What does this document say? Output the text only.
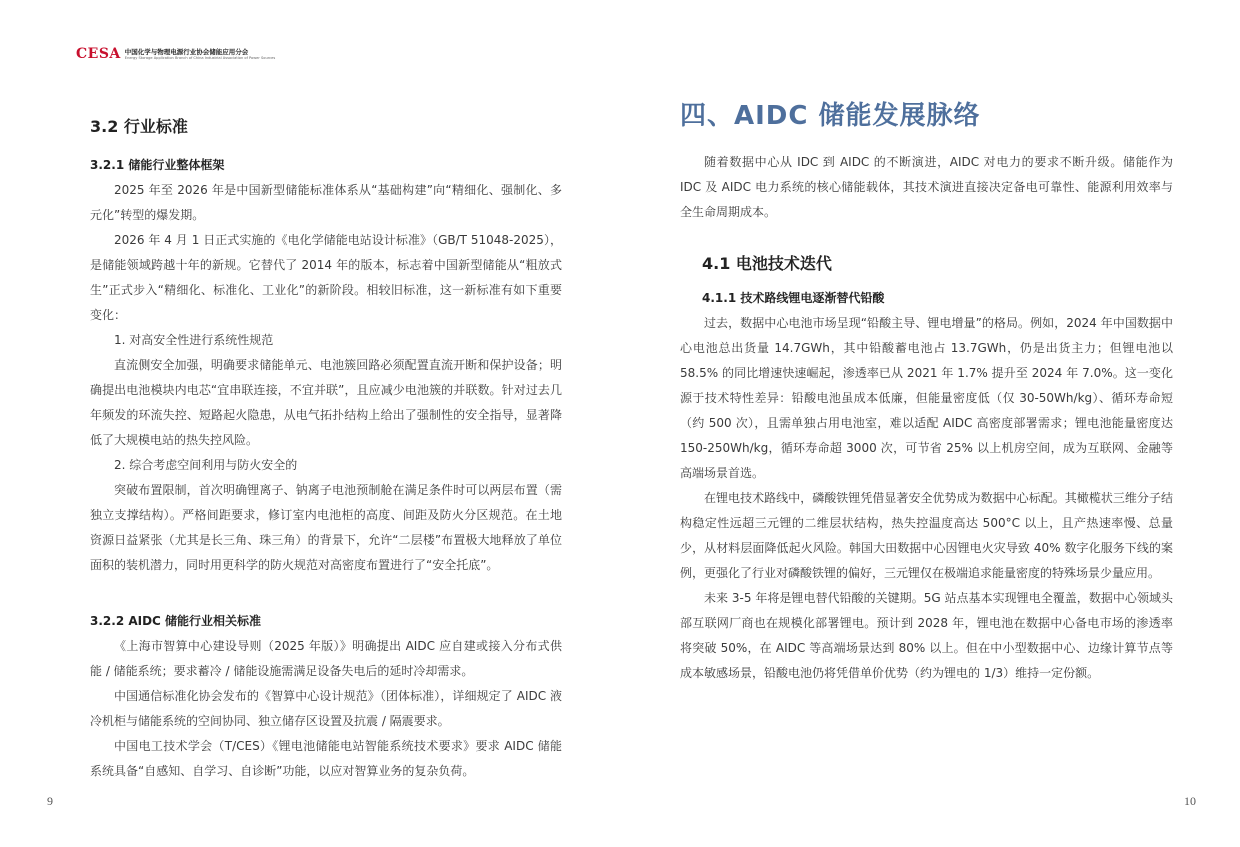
CESA 中国化学与物理电源行业协会储能应用分会
Energy Storage Application Branch of China Industrial Association of Power Sources
3.2 行业标准
3.2.1 储能行业整体框架

2025 年至 2026 年是中国新型储能标准体系从“基础构建”向“精细化、强制化、多元化”转型的爆发期。

2026 年 4 月 1 日正式实施的《电化学储能电站设计标准》（GB/T 51048-2025），是储能领域跨越十年的新规。它替代了 2014 年的版本，标志着中国新型储能从“粗放式生”正式步入“精细化、标准化、工业化”的新阶段。相较旧标准，这一新标准有如下重要变化：

1. 对高安全性进行系统性规范

直流侧安全加强，明确要求储能单元、电池簇回路必须配置直流开断和保护设备；明确提出电池模块内电芯“宜串联连接，不宜并联”，且应减少电池簇的并联数。针对过去几年频发的环流失控、短路起火隐患，从电气拓扑结构上给出了强制性的安全指导，显著降低了大规模电站的热失控风险。

2. 综合考虑空间利用与防火安全的

突破布置限制，首次明确锂离子、钠离子电池预制舱在满足条件时可以两层布置（需独立支撑结构）。严格间距要求，修订室内电池柜的高度、间距及防火分区规范。在土地资源日益紧张（尤其是长三角、珠三角）的背景下，允许“二层楼”布置极大地释放了单位面积的装机潜力，同时用更科学的防火规范对高密度布置进行了“安全托底”。

3.2.2 AIDC 储能行业相关标准

《上海市智算中心建设导则（2025 年版）》明确提出 AIDC 应自建或接入分布式供能 / 储能系统；要求蓄冷 / 储能设施需满足设备失电后的延时冷却需求。

中国通信标准化协会发布的《智算中心设计规范》（团体标准），详细规定了 AIDC 液冷机柜与储能系统的空间协同、独立储存区设置及抗震 / 隔震要求。

中国电工技术学会（T/CES）《锂电池储能电站智能系统技术要求》要求 AIDC 储能系统具备“自感知、自学习、自诊断”功能，以应对智算业务的复杂负荷。

9
四、AIDC 储能发展脉络

随着数据中心从 IDC 到 AIDC 的不断演进，AIDC 对电力的要求不断升级。储能作为 IDC 及 AIDC 电力系统的核心储能载体，其技术演进直接决定备电可靠性、能源利用效率与全生命周期成本。

4.1 电池技术迭代
4.1.1 技术路线锂电逐渐替代铅酸

过去，数据中心电池市场呈现“铅酸主导、锂电增量”的格局。例如，2024 年中国数据中心电池总出货量 14.7GWh，其中铅酸蓄电池占 13.7GWh，仍是出货主力；但锂电池以 58.5% 的同比增速快速崛起，渗透率已从 2021 年 1.7% 提升至 2024 年 7.0%。这一变化源于技术特性差异：铅酸电池虽成本低廉，但能量密度低（仅 30-50Wh/kg）、循环寿命短（约 500 次），且需单独占用电池室，难以适配 AIDC 高密度部署需求；锂电池能量密度达 150-250Wh/kg，循环寿命超 3000 次，可节省 25% 以上机房空间，成为互联网、金融等高端场景首选。

在锂电技术路线中，磷酸铁锂凭借显著安全优势成为数据中心标配。其橄榄状三维分子结构稳定性远超三元锂的二维层状结构，热失控温度高达 500°C 以上，且产热速率慢、总量少，从材料层面降低起火风险。韩国大田数据中心因锂电火灾导致 40% 数字化服务下线的案例，更强化了行业对磷酸铁锂的偏好，三元锂仅在极端追求能量密度的特殊场景少量应用。

未来 3-5 年将是锂电替代铅酸的关键期。5G 站点基本实现锂电全覆盖，数据中心领域头部互联网厂商也在规模化部署锂电。预计到 2028 年，锂电池在数据中心备电市场的渗透率将突破 50%，在 AIDC 等高端场景达到 80% 以上。但在中小型数据中心、边缘计算节点等成本敏感场景，铅酸电池仍将凭借单价优势（约为锂电的 1/3）维持一定份额。

10
